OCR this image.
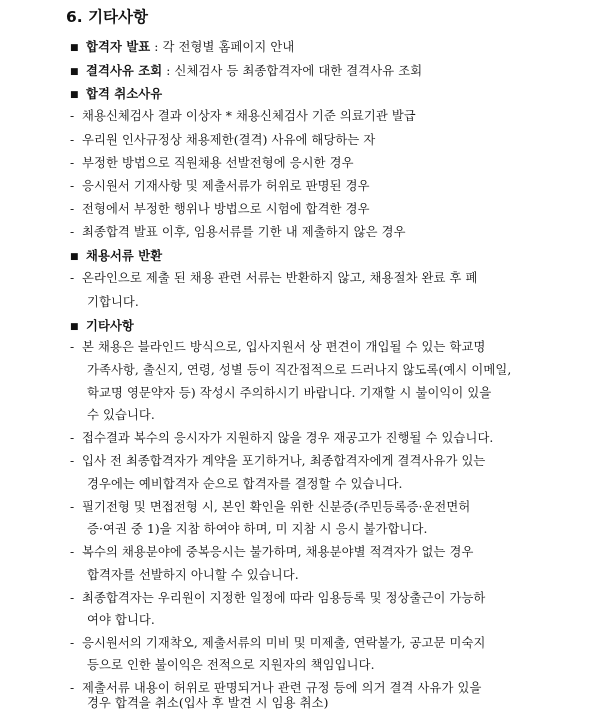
6. 기타사항
■ 합격자 발표 : 각 전형별 홈페이지 안내
■ 결격사유 조회 : 신체검사 등 최종합격자에 대한 결격사유 조회
■ 합격 취소사유
- 채용신체검사 결과 이상자 * 채용신체검사 기준 의료기관 발급
- 우리원 인사규정상 채용제한(결격) 사유에 해당하는 자
- 부정한 방법으로 직원채용 선발전형에 응시한 경우
- 응시원서 기재사항 및 제출서류가 허위로 판명된 경우
- 전형에서 부정한 행위나 방법으로 시험에 합격한 경우
- 최종합격 발표 이후, 임용서류를 기한 내 제출하지 않은 경우
■ 채용서류 반환
- 온라인으로 제출 된 채용 관련 서류는 반환하지 않고, 채용절차 완료 후 폐
기합니다.
■ 기타사항
- 본 채용은 블라인드 방식으로, 입사지원서 상 편견이 개입될 수 있는 학교명
가족사항, 출신지, 연령, 성별 등이 직간접적으로 드러나지 않도록(예시 이메일,
학교명 영문약자 등) 작성시 주의하시기 바랍니다. 기재할 시 불이익이 있을
수 있습니다.
- 접수결과 복수의 응시자가 지원하지 않을 경우 재공고가 진행될 수 있습니다.
- 입사 전 최종합격자가 계약을 포기하거나, 최종합격자에게 결격사유가 있는
경우에는 예비합격자 순으로 합격자를 결정할 수 있습니다.
- 필기전형 및 면접전형 시, 본인 확인을 위한 신분증(주민등록증·운전면허
증·여권 중 1)을 지참 하여야 하며, 미 지참 시 응시 불가합니다.
- 복수의 채용분야에 중복응시는 불가하며, 채용분야별 적격자가 없는 경우
합격자를 선발하지 아니할 수 있습니다.
- 최종합격자는 우리원이 지정한 일정에 따라 임용등록 및 정상출근이 가능하
여야 합니다.
- 응시원서의 기재착오, 제출서류의 미비 및 미제출, 연락불가, 공고문 미숙지
등으로 인한 불이익은 전적으로 지원자의 책임입니다.
- 제출서류 내용이 허위로 판명되거나 관련 규정 등에 의거 결격 사유가 있을
경우 합격을 취소(입사 후 발견 시 임용 취소)
